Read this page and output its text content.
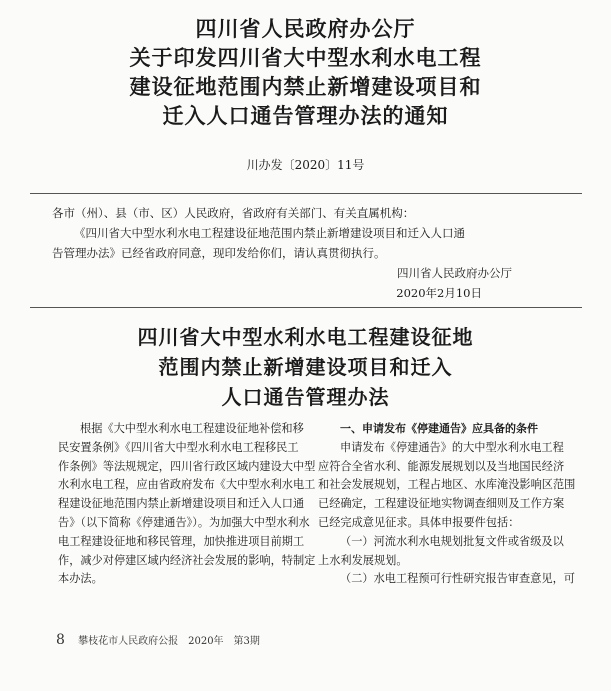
四川省人民政府办公厅
关于印发四川省大中型水利水电工程
建设征地范围内禁止新增建设项目和
迁入人口通告管理办法的通知
川办发〔2020〕11号
各市（州）、县（市、区）人民政府，省政府有关部门、有关直属机构：
《四川省大中型水利水电工程建设征地范围内禁止新增建设项目和迁入人口通
告管理办法》已经省政府同意，现印发给你们，请认真贯彻执行。
四川省人民政府办公厅
2020年2月10日
四川省大中型水利水电工程建设征地
范围内禁止新增建设项目和迁入
人口通告管理办法
根据《大中型水利水电工程建设征地补偿和移
民安置条例》《四川省大中型水利水电工程移民工
作条例》等法规规定，四川省行政区域内建设大中型
水利水电工程，应由省政府发布《大中型水利水电工
程建设征地范围内禁止新增建设项目和迁入人口通
告》（以下简称《停建通告》）。为加强大中型水利水
电工程建设征地和移民管理，加快推进项目前期工
作，减少对停建区域内经济社会发展的影响，特制定
本办法。
一、申请发布《停建通告》应具备的条件
申请发布《停建通告》的大中型水利水电工程
应符合全省水利、能源发展规划以及当地国民经济
和社会发展规划，工程占地区、水库淹没影响区范围
已经确定，工程建设征地实物调查细则及工作方案
已经完成意见征求。具体申报要件包括：
（一）河流水利水电规划批复文件或省级及以
上水利发展规划。
（二）水电工程预可行性研究报告审查意见，可
8 攀枝花市人民政府公报　2020年　第3期
